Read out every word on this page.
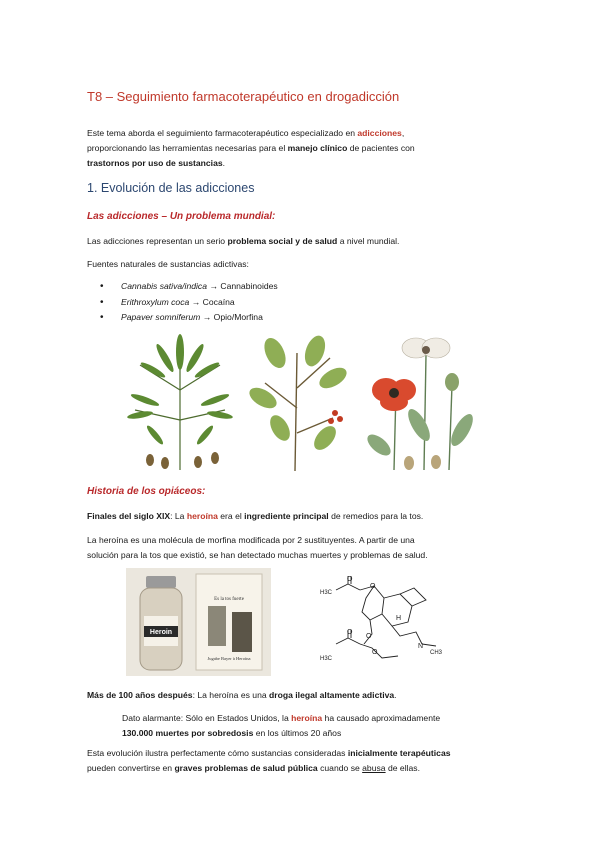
T8 – Seguimiento farmacoterapéutico en drogadicción
Este tema aborda el seguimiento farmacoterapéutico especializado en adicciones,
proporcionando las herramientas necesarias para el manejo clínico de pacientes con
trastornos por uso de sustancias.
1. Evolución de las adicciones
Las adicciones – Un problema mundial:
Las adicciones representan un serio problema social y de salud a nivel mundial.
Fuentes naturales de sustancias adictivas:
• Cannabis sativa/indica → Cannabinoides
• Erithroxylum coca → Cocaína
• Papaver somniferum → Opio/Morfina
Historia de los opiáceos:
Finales del siglo XIX: La heroína era el ingrediente principal de remedios para la tos.
La heroína es una molécula de morfina modificada por 2 sustituyentes. A partir de una
solución para la tos que existió, se han detectado muchas muertes y problemas de salud.
Heroin
Es la tos fuerte
Jugabe Bayer à Heroína
O
O
O
O
O
H
N
CH3
H3C
H3C
Más de 100 años después: La heroína es una droga ilegal altamente adictiva.
Dato alarmante: Sólo en Estados Unidos, la heroína ha causado aproximadamente
130.000 muertes por sobredosis en los últimos 20 años
Esta evolución ilustra perfectamente cómo sustancias consideradas inicialmente terapéuticas
pueden convertirse en graves problemas de salud pública cuando se abusa de ellas.
